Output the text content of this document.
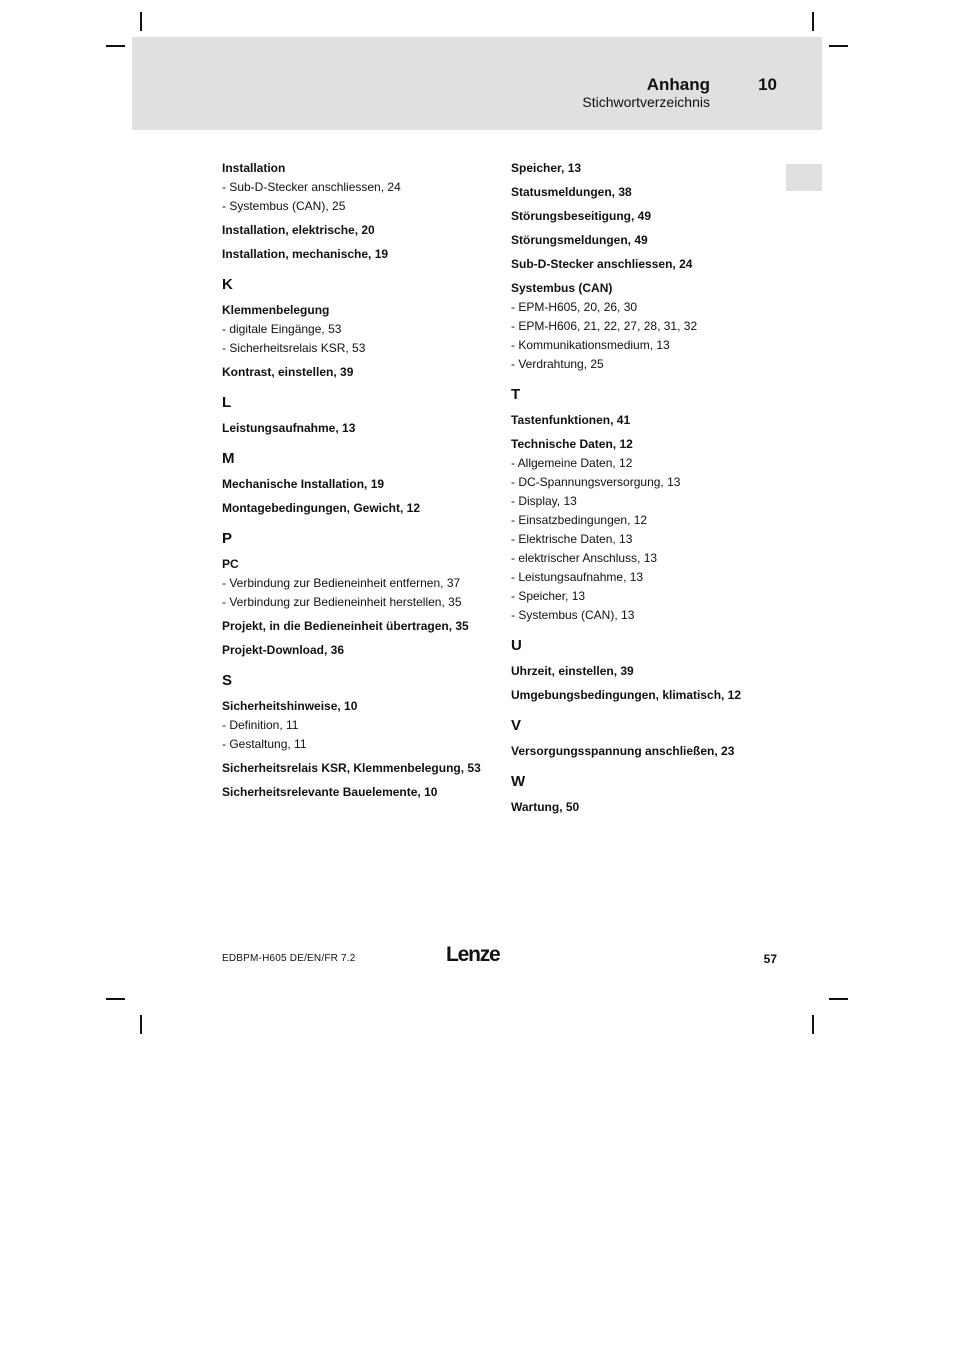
Anhang	10
Stichwortverzeichnis
Installation
- Sub-D-Stecker anschliessen, 24
- Systembus (CAN), 25
Installation, elektrische, 20
Installation, mechanische, 19
K
Klemmenbelegung
- digitale Eingänge, 53
- Sicherheitsrelais KSR, 53
Kontrast, einstellen, 39
L
Leistungsaufnahme, 13
M
Mechanische Installation, 19
Montagebedingungen, Gewicht, 12
P
PC
- Verbindung zur Bedieneinheit entfernen, 37
- Verbindung zur Bedieneinheit herstellen, 35
Projekt, in die Bedieneinheit übertragen, 35
Projekt-Download, 36
S
Sicherheitshinweise, 10
- Definition, 11
- Gestaltung, 11
Sicherheitsrelais KSR, Klemmenbelegung, 53
Sicherheitsrelevante Bauelemente, 10
Speicher, 13
Statusmeldungen, 38
Störungsbeseitigung, 49
Störungsmeldungen, 49
Sub-D-Stecker anschliessen, 24
Systembus (CAN)
- EPM-H605, 20, 26, 30
- EPM-H606, 21, 22, 27, 28, 31, 32
- Kommunikationsmedium, 13
- Verdrahtung, 25
T
Tastenfunktionen, 41
Technische Daten, 12
- Allgemeine Daten, 12
- DC-Spannungsversorgung, 13
- Display, 13
- Einsatzbedingungen, 12
- Elektrische Daten, 13
- elektrischer Anschluss, 13
- Leistungsaufnahme, 13
- Speicher, 13
- Systembus (CAN), 13
U
Uhrzeit, einstellen, 39
Umgebungsbedingungen, klimatisch, 12
V
Versorgungsspannung anschließen, 23
W
Wartung, 50
EDBPM-H605 DE/EN/FR 7.2	Lenze	57
